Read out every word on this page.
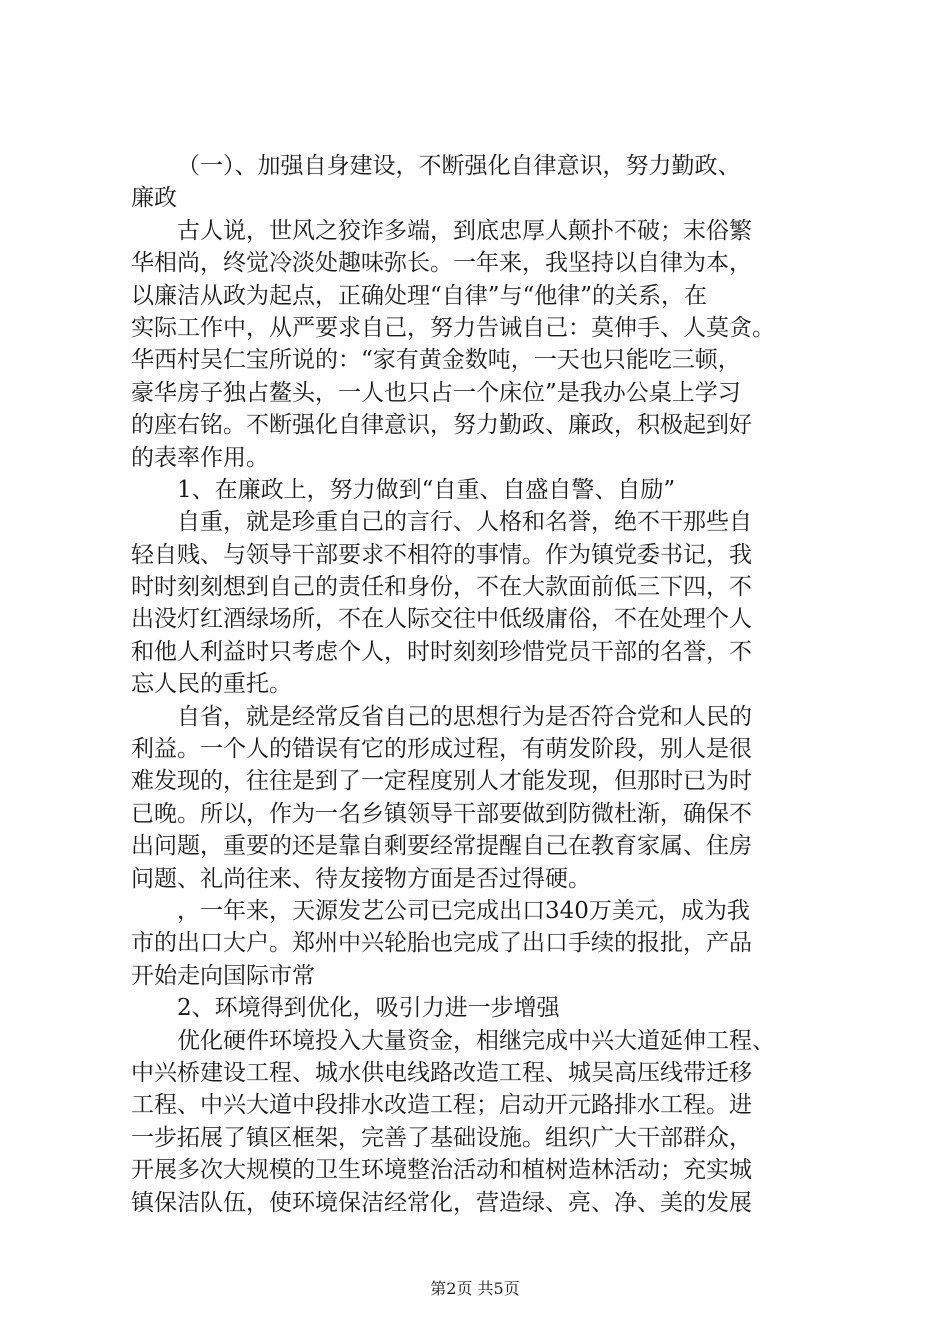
（一）、加强自身建设，不断强化自律意识，努力勤政、
廉政
古人说，世风之狡诈多端，到底忠厚人颠扑不破；末俗繁
华相尚，终觉冷淡处趣味弥长。一年来，我坚持以自律为本，
以廉洁从政为起点，正确处理“自律”与“他律”的关系，在
实际工作中，从严要求自己，努力告诫自己：莫伸手、人莫贪。
华西村吴仁宝所说的：“家有黄金数吨，一天也只能吃三顿，
豪华房子独占鳌头，一人也只占一个床位”是我办公桌上学习
的座右铭。不断强化自律意识，努力勤政、廉政，积极起到好
的表率作用。
1、在廉政上，努力做到“自重、自盛自警、自励”
自重，就是珍重自己的言行、人格和名誉，绝不干那些自
轻自贱、与领导干部要求不相符的事情。作为镇党委书记，我
时时刻刻想到自己的责任和身份，不在大款面前低三下四，不
出没灯红酒绿场所，不在人际交往中低级庸俗，不在处理个人
和他人利益时只考虑个人，时时刻刻珍惜党员干部的名誉，不
忘人民的重托。
自省，就是经常反省自己的思想行为是否符合党和人民的
利益。一个人的错误有它的形成过程，有萌发阶段，别人是很
难发现的，往往是到了一定程度别人才能发现，但那时已为时
已晚。所以，作为一名乡镇领导干部要做到防微杜渐，确保不
出问题，重要的还是靠自剩要经常提醒自己在教育家属、住房
问题、礼尚往来、待友接物方面是否过得硬。
，一年来，天源发艺公司已完成出口340万美元，成为我
市的出口大户。郑州中兴轮胎也完成了出口手续的报批，产品
开始走向国际市常
2、环境得到优化，吸引力进一步增强
优化硬件环境投入大量资金，相继完成中兴大道延伸工程、
中兴桥建设工程、城水供电线路改造工程、城吴高压线带迁移
工程、中兴大道中段排水改造工程；启动开元路排水工程。进
一步拓展了镇区框架，完善了基础设施。组织广大干部群众，
开展多次大规模的卫生环境整治活动和植树造林活动；充实城
镇保洁队伍，使环境保洁经常化，营造绿、亮、净、美的发展
第2页 共5页
